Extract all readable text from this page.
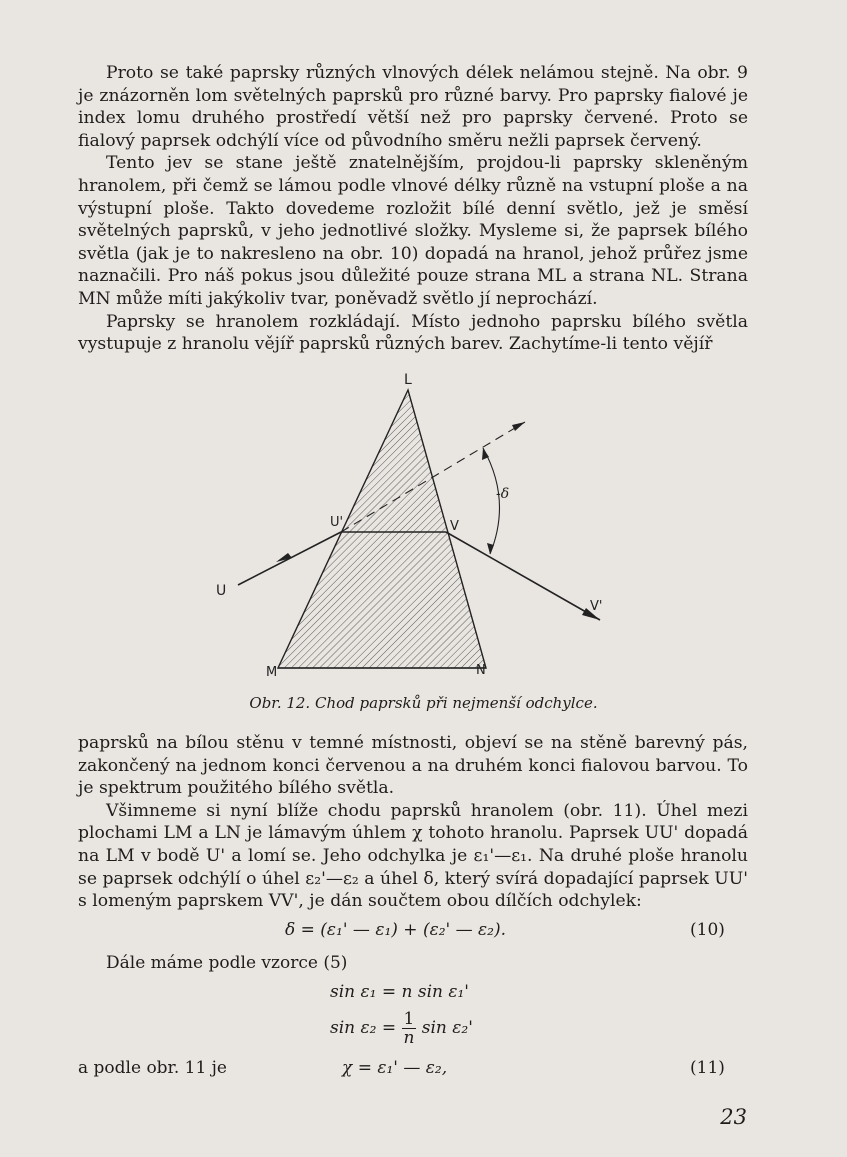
Proto se také paprsky různých vlnových délek nelámou stejně. Na obr. 9 je znázorněn lom světelných paprsků pro různé barvy. Pro paprsky fialové je index lomu druhého prostředí větší než pro paprsky červené. Proto se fialový paprsek odchýlí více od původního směru nežli paprsek červený.

Tento jev se stane ještě znatelnějším, projdou-li paprsky skleněným hranolem, při čemž se lámou podle vlnové délky různě na vstupní ploše a na výstupní ploše. Takto dovedeme rozložit bílé denní světlo, jež je směsí světelných paprsků, v jeho jednotlivé složky. Mysleme si, že paprsek bílého světla (jak je to nakresleno na obr. 10) dopadá na hranol, jehož průřez jsme naznačili. Pro náš pokus jsou důležité pouze strana ML a strana NL. Strana MN může míti jakýkoliv tvar, poněvadž světlo jí neprochází.

Paprsky se hranolem rozkládají. Místo jednoho paprsku bílého světla vystupuje z hranolu vějíř paprsků různých barev. Zachytíme-li tento vějíř

L
M	N
U
U'	V
V'
-δ
Obr. 12. Chod paprsků při nejmenší odchylce.

paprsků na bílou stěnu v temné místnosti, objeví se na stěně barevný pás, zakončený na jednom konci červenou a na druhém konci fialovou barvou. To je spektrum použitého bílého světla.

Všimneme si nyní blíže chodu paprsků hranolem (obr. 11). Úhel mezi plochami LM a LN je lámavým úhlem χ tohoto hranolu. Paprsek UU' dopadá na LM v bodě U' a lomí se. Jeho odchylka je ε₁'—ε₁. Na druhé ploše hranolu se paprsek odchýlí o úhel ε₂'—ε₂ a úhel δ, který svírá dopadající paprsek UU' s lomeným paprskem VV', je dán součtem obou dílčích odchylek:

δ = (ε₁' — ε₁) + (ε₂' — ε₂).	(10)
Dále máme podle vzorce (5)
sin ε₁ = n sin ε₁'
$\sin \varepsilon_2 = \frac{1}{n}$ sin ε₂'
a podle obr. 11 je	χ = ε₁' — ε₂,	(11)
23
